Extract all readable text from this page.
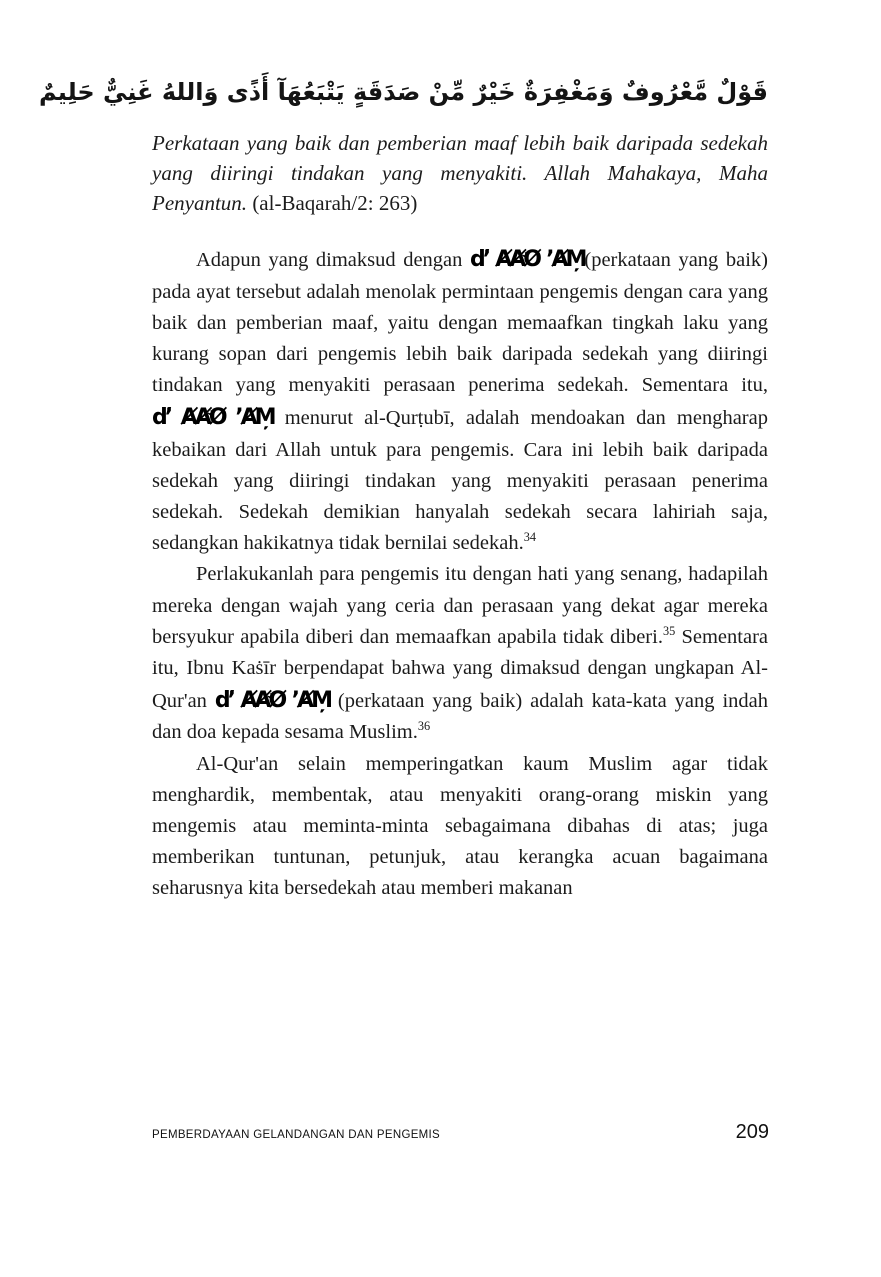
قَوْلٌ مَّعْرُوفٌ وَمَغْفِرَةٌ خَيْرٌ مِّنْ صَدَقَةٍ يَتْبَعُهَآ أَذًى وَاللهُ غَنِيٌّ حَلِيمٌ
Perkataan yang baik dan pemberian maaf lebih baik daripada sedekah yang diiringi tindakan yang menyakiti. Allah Mahakaya, Maha Penyantun. (al-Baqarah/2: 263)

Adapun yang dimaksud dengan ď’ ȺȺ̛Ø ’ȺM̦(perkataan yang baik) pada ayat tersebut adalah menolak permintaan pengemis dengan cara yang baik dan pemberian maaf, yaitu dengan memaafkan tingkah laku yang kurang sopan dari pengemis lebih baik daripada sedekah yang diiringi tindakan yang menyakiti perasaan penerima sedekah. Sementara itu, ď’ ȺȺ̛Ø ’ȺM̦ menurut al-Qurṭubī, adalah mendoakan dan mengharap kebaikan dari Allah untuk para pengemis. Cara ini lebih baik daripada sedekah yang diiringi tindakan yang menyakiti perasaan penerima sedekah. Sedekah demikian hanyalah sedekah secara lahiriah saja, sedangkan hakikatnya tidak bernilai sedekah.$^{34}$

Perlakukanlah para pengemis itu dengan hati yang senang, hadapilah mereka dengan wajah yang ceria dan perasaan yang dekat agar mereka bersyukur apabila diberi dan memaafkan apabila tidak diberi.$^{35}$ Sementara itu, Ibnu Kaṡīr berpendapat bahwa yang dimaksud dengan ungkapan Al-Qur'an ď’ ȺȺ̛Ø ’ȺM̦ (perkataan yang baik) adalah kata-kata yang indah dan doa kepada sesama Muslim.$^{36}$

Al-Qur'an selain memperingatkan kaum Muslim agar tidak menghardik, membentak, atau menyakiti orang-orang miskin yang mengemis atau meminta-minta sebagaimana dibahas di atas; juga memberikan tuntunan, petunjuk, atau kerangka acuan bagaimana seharusnya kita bersedekah atau memberi makanan

PEMBERDAYAAN GELANDANGAN DAN PENGEMIS	209
